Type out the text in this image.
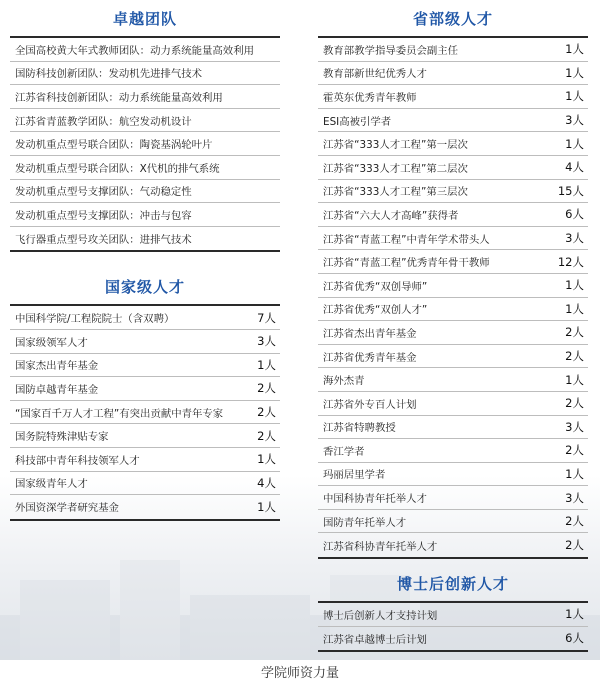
卓越团队
全国高校黄大年式教师团队：动力系统能量高效利用
国防科技创新团队：发动机先进排气技术
江苏省科技创新团队：动力系统能量高效利用
江苏省青蓝教学团队：航空发动机设计
发动机重点型号联合团队：陶瓷基涡轮叶片
发动机重点型号联合团队：X代机的排气系统
发动机重点型号支撑团队：气动稳定性
发动机重点型号支撑团队：冲击与包容
飞行器重点型号攻关团队：进排气技术
国家级人才
中国科学院/工程院院士（含双聘）	7人
国家级领军人才	3人
国家杰出青年基金	1人
国防卓越青年基金	2人
“国家百千万人才工程”有突出贡献中青年专家	2人
国务院特殊津贴专家	2人
科技部中青年科技领军人才	1人
国家级青年人才	4人
外国资深学者研究基金	1人
省部级人才
教育部教学指导委员会副主任	1人
教育部新世纪优秀人才	1人
霍英东优秀青年教师	1人
ESI高被引学者	3人
江苏省“333人才工程”第一层次	1人
江苏省“333人才工程”第二层次	4人
江苏省“333人才工程”第三层次	15人
江苏省“六大人才高峰”获得者	6人
江苏省“青蓝工程”中青年学术带头人	3人
江苏省“青蓝工程”优秀青年骨干教师	12人
江苏省优秀“双创导师”	1人
江苏省优秀“双创人才”	1人
江苏省杰出青年基金	2人
江苏省优秀青年基金	2人
海外杰青	1人
江苏省外专百人计划	2人
江苏省特聘教授	3人
香江学者	2人
玛丽居里学者	1人
中国科协青年托举人才	3人
国防青年托举人才	2人
江苏省科协青年托举人才	2人
博士后创新人才
博士后创新人才支持计划	1人
江苏省卓越博士后计划	6人
学院师资力量
